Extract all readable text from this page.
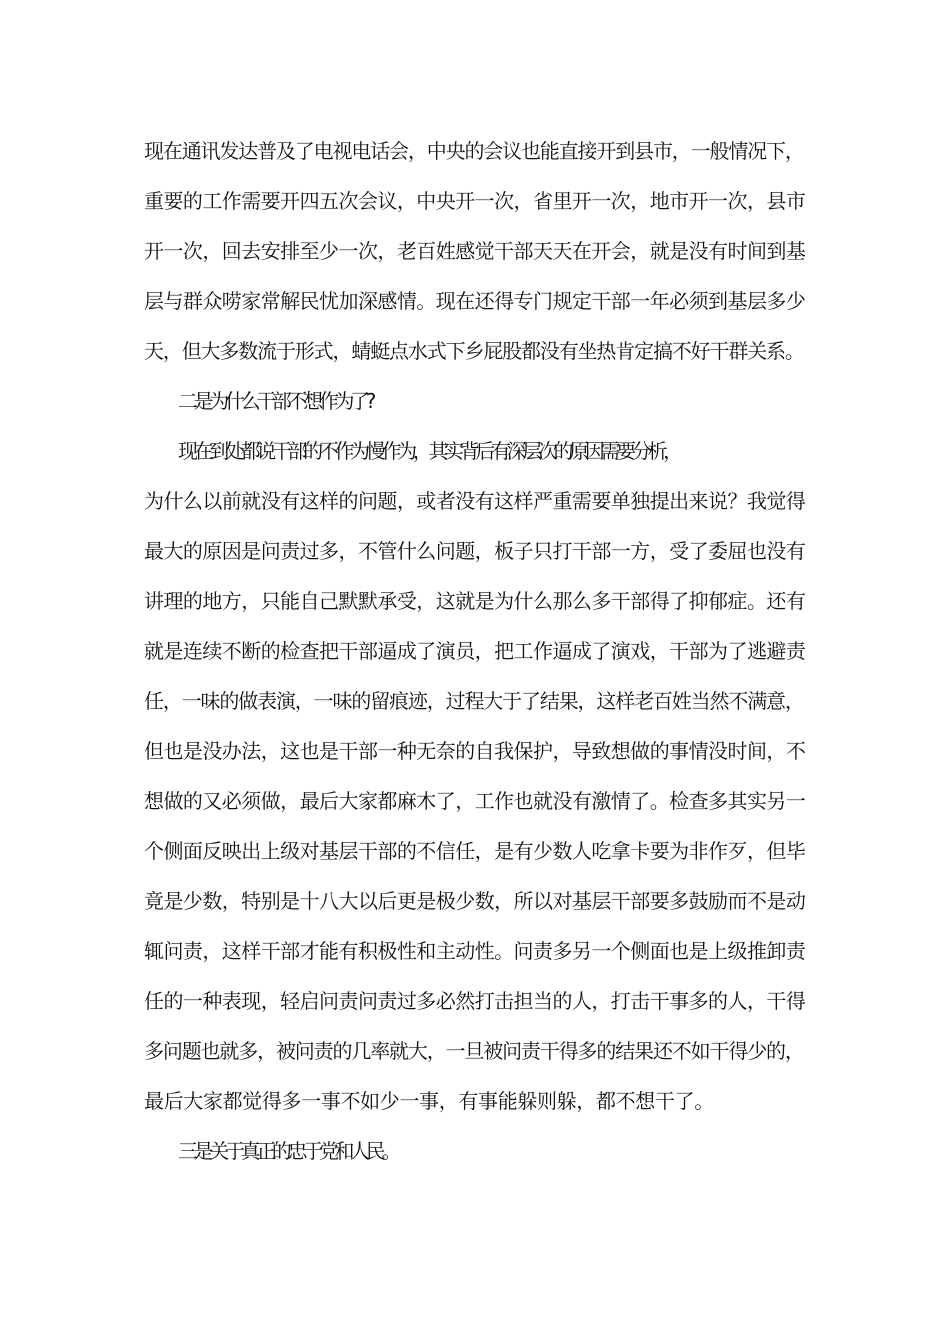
现在通讯发达普及了电视电话会，中央的会议也能直接开到县市，一般情况下，
重要的工作需要开四五次会议，中央开一次，省里开一次，地市开一次，县市
开一次，回去安排至少一次，老百姓感觉干部天天在开会，就是没有时间到基
层与群众唠家常解民忧加深感情。现在还得专门规定干部一年必须到基层多少
天，但大多数流于形式，蜻蜓点水式下乡屁股都没有坐热肯定搞不好干群关系。
二是为什么干部不想作为了?
现在到处都说干部的不作为慢作为，其实背后有深层次的原因需要分析，
为什么以前就没有这样的问题，或者没有这样严重需要单独提出来说？我觉得
最大的原因是问责过多，不管什么问题，板子只打干部一方，受了委屈也没有
讲理的地方，只能自己默默承受，这就是为什么那么多干部得了抑郁症。还有
就是连续不断的检查把干部逼成了演员，把工作逼成了演戏，干部为了逃避责
任，一味的做表演，一味的留痕迹，过程大于了结果，这样老百姓当然不满意，
但也是没办法，这也是干部一种无奈的自我保护，导致想做的事情没时间，不
想做的又必须做，最后大家都麻木了，工作也就没有激情了。检查多其实另一
个侧面反映出上级对基层干部的不信任，是有少数人吃拿卡要为非作歹，但毕
竟是少数，特别是十八大以后更是极少数，所以对基层干部要多鼓励而不是动
辄问责，这样干部才能有积极性和主动性。问责多另一个侧面也是上级推卸责
任的一种表现，轻启问责问责过多必然打击担当的人，打击干事多的人，干得
多问题也就多，被问责的几率就大，一旦被问责干得多的结果还不如干得少的，
最后大家都觉得多一事不如少一事，有事能躲则躲，都不想干了。
三是关于真正的忠于党和人民。
